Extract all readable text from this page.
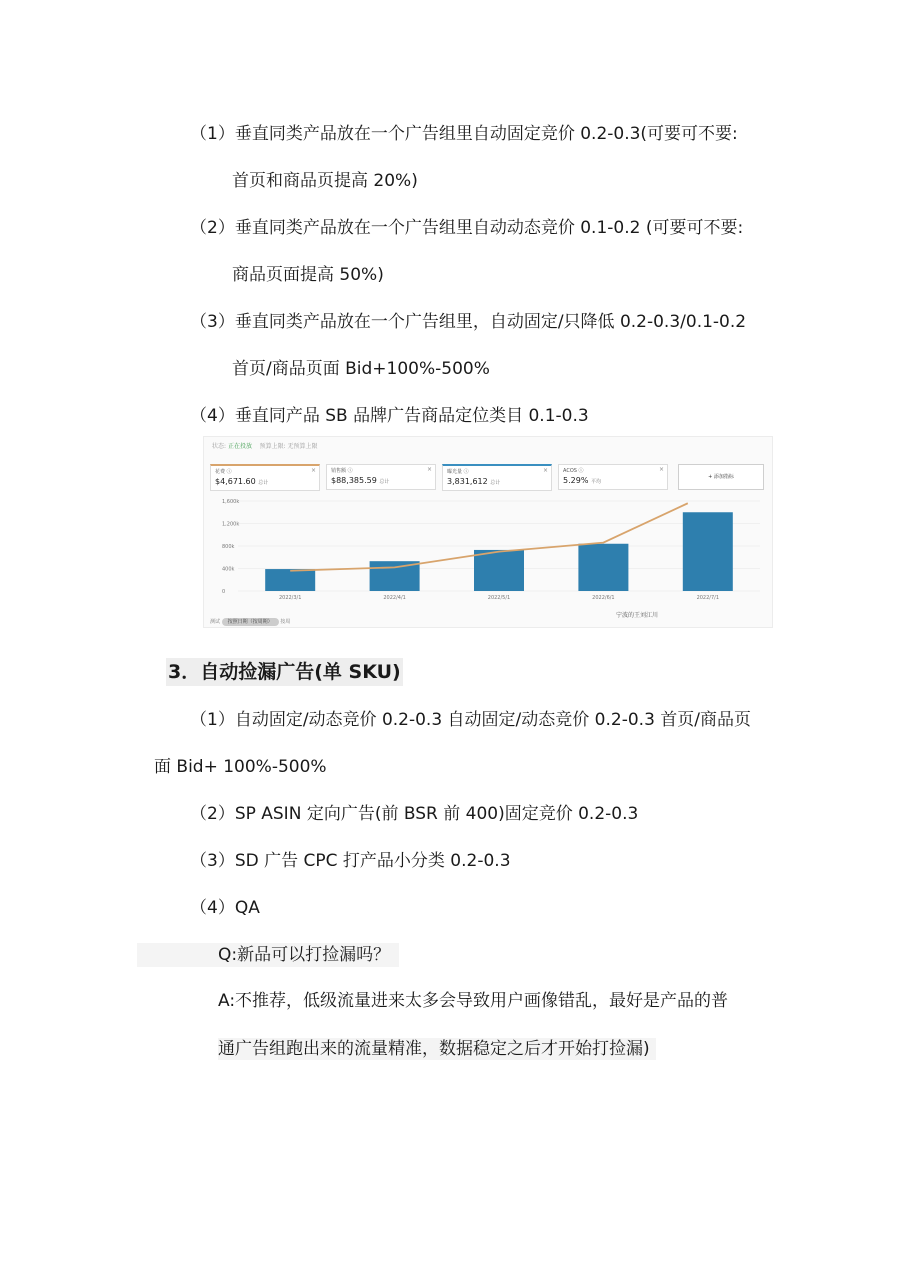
（1）垂直同类产品放在一个广告组里自动固定竞价 0.2-0.3(可要可不要:
首页和商品页提高 20%)
（2）垂直同类产品放在一个广告组里自动动态竞价 0.1-0.2 (可要可不要:
商品页面提高 50%)
（3）垂直同类产品放在一个广告组里，自动固定/只降低 0.2-0.3/0.1-0.2
首页/商品页面 Bid+100%-500%
（4）垂直同产品 SB 品牌广告商品定位类目 0.1-0.3
状态: 正在投放 预算上限: 无预算上限
花费 ⓘ	×
$4,671.60 总计
销售额 ⓘ	×
$88,385.59 总计
曝光量 ⓘ	×
3,831,612 总计
ACOS ⓘ	×
5.29% 平均
+ 添加指标
1,600k
1,200k
800k
400k
0
2022/3/1	2022/4/1	2022/5/1	2022/6/1	2022/7/1
宁波的王刘江川
测试 按照日期（按周期） 按周
3．自动捡漏广告(单 SKU)
（1）自动固定/动态竞价 0.2-0.3 自动固定/动态竞价 0.2-0.3 首页/商品页
面 Bid+ 100%-500%
（2）SP ASIN 定向广告(前 BSR 前 400)固定竞价 0.2-0.3
（3）SD 广告 CPC 打产品小分类 0.2-0.3
（4）QA
Q:新品可以打捡漏吗？
A:不推荐，低级流量进来太多会导致用户画像错乱，最好是产品的普
通广告组跑出来的流量精准，数据稳定之后才开始打捡漏)
